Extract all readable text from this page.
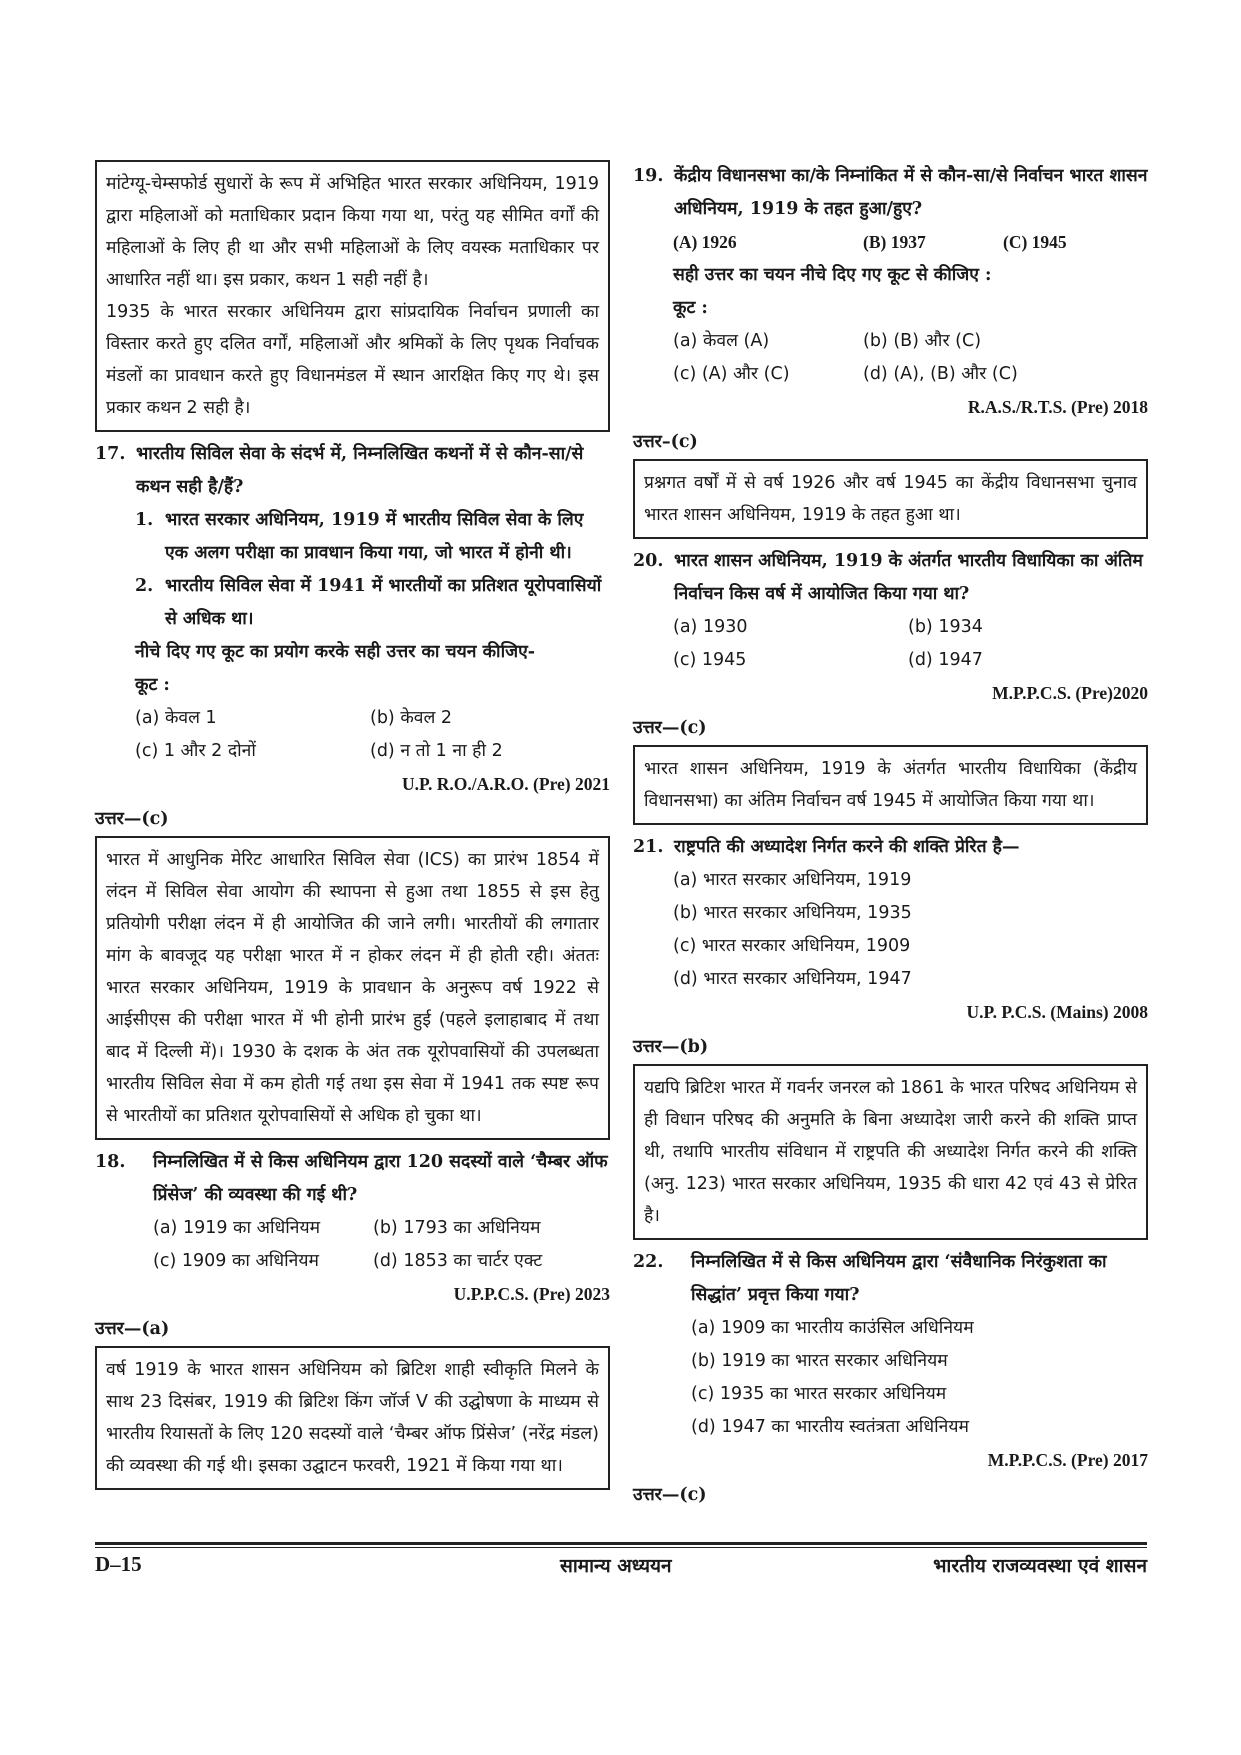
मांटेग्यू-चेम्सफोर्ड सुधारों के रूप में अभिहित भारत सरकार अधिनियम, 1919 द्वारा महिलाओं को मताधिकार प्रदान किया गया था, परंतु यह सीमित वर्गों की महिलाओं के लिए ही था और सभी महिलाओं के लिए वयस्क मताधिकार पर आधारित नहीं था। इस प्रकार, कथन 1 सही नहीं है।

1935 के भारत सरकार अधिनियम द्वारा सांप्रदायिक निर्वाचन प्रणाली का विस्तार करते हुए दलित वर्गों, महिलाओं और श्रमिकों के लिए पृथक निर्वाचक मंडलों का प्रावधान करते हुए विधानमंडल में स्थान आरक्षित किए गए थे। इस प्रकार कथन 2 सही है।

17. भारतीय सिविल सेवा के संदर्भ में, निम्नलिखित कथनों में से कौन-सा/से कथन सही है/हैं?
1. भारत सरकार अधिनियम, 1919 में भारतीय सिविल सेवा के लिए एक अलग परीक्षा का प्रावधान किया गया, जो भारत में होनी थी।
2. भारतीय सिविल सेवा में 1941 में भारतीयों का प्रतिशत यूरोपवासियों से अधिक था।
नीचे दिए गए कूट का प्रयोग करके सही उत्तर का चयन कीजिए-
कूट :
(a) केवल 1	(b) केवल 2
(c) 1 और 2 दोनों	(d) न तो 1 ना ही 2
U.P. R.O./A.R.O. (Pre) 2021
उत्तर—(c)

भारत में आधुनिक मेरिट आधारित सिविल सेवा (ICS) का प्रारंभ 1854 में लंदन में सिविल सेवा आयोग की स्थापना से हुआ तथा 1855 से इस हेतु प्रतियोगी परीक्षा लंदन में ही आयोजित की जाने लगी। भारतीयों की लगातार मांग के बावजूद यह परीक्षा भारत में न होकर लंदन में ही होती रही। अंततः भारत सरकार अधिनियम, 1919 के प्रावधान के अनुरूप वर्ष 1922 से आईसीएस की परीक्षा भारत में भी होनी प्रारंभ हुई (पहले इलाहाबाद में तथा बाद में दिल्ली में)। 1930 के दशक के अंत तक यूरोपवासियों की उपलब्धता भारतीय सिविल सेवा में कम होती गई तथा इस सेवा में 1941 तक स्पष्ट रूप से भारतीयों का प्रतिशत यूरोपवासियों से अधिक हो चुका था।

18. निम्नलिखित में से किस अधिनियम द्वारा 120 सदस्यों वाले ‘चैम्बर ऑफ प्रिंसेज’ की व्यवस्था की गई थी?
(a) 1919 का अधिनियम	(b) 1793 का अधिनियम
(c) 1909 का अधिनियम	(d) 1853 का चार्टर एक्ट
U.P.P.C.S. (Pre) 2023
उत्तर—(a)

वर्ष 1919 के भारत शासन अधिनियम को ब्रिटिश शाही स्वीकृति मिलने के साथ 23 दिसंबर, 1919 की ब्रिटिश किंग जॉर्ज V की उद्घोषणा के माध्यम से भारतीय रियासतों के लिए 120 सदस्यों वाले ‘चैम्बर ऑफ प्रिंसेज’ (नरेंद्र मंडल) की व्यवस्था की गई थी। इसका उद्घाटन फरवरी, 1921 में किया गया था।

19. केंद्रीय विधानसभा का/के निम्नांकित में से कौन-सा/से निर्वाचन भारत शासन अधिनियम, 1919 के तहत हुआ/हुए?
(A) 1926	(B) 1937	(C) 1945
सही उत्तर का चयन नीचे दिए गए कूट से कीजिए :
कूट :
(a) केवल (A)	(b) (B) और (C)
(c) (A) और (C)	(d) (A), (B) और (C)
R.A.S./R.T.S. (Pre) 2018
उत्तर–(c)

प्रश्नगत वर्षों में से वर्ष 1926 और वर्ष 1945 का केंद्रीय विधानसभा चुनाव भारत शासन अधिनियम, 1919 के तहत हुआ था।

20. भारत शासन अधिनियम, 1919 के अंतर्गत भारतीय विधायिका का अंतिम निर्वाचन किस वर्ष में आयोजित किया गया था?
(a) 1930	(b) 1934
(c) 1945	(d) 1947
M.P.P.C.S. (Pre)2020
उत्तर—(c)

भारत शासन अधिनियम, 1919 के अंतर्गत भारतीय विधायिका (केंद्रीय विधानसभा) का अंतिम निर्वाचन वर्ष 1945 में आयोजित किया गया था।

21. राष्ट्रपति की अध्यादेश निर्गत करने की शक्ति प्रेरित है—
(a) भारत सरकार अधिनियम, 1919
(b) भारत सरकार अधिनियम, 1935
(c) भारत सरकार अधिनियम, 1909
(d) भारत सरकार अधिनियम, 1947
U.P. P.C.S. (Mains) 2008
उत्तर—(b)

यद्यपि ब्रिटिश भारत में गवर्नर जनरल को 1861 के भारत परिषद अधिनियम से ही विधान परिषद की अनुमति के बिना अध्यादेश जारी करने की शक्ति प्राप्त थी, तथापि भारतीय संविधान में राष्ट्रपति की अध्यादेश निर्गत करने की शक्ति (अनु. 123) भारत सरकार अधिनियम, 1935 की धारा 42 एवं 43 से प्रेरित है।

22. निम्नलिखित में से किस अधिनियम द्वारा ‘संवैधानिक निरंकुशता का सिद्धांत’ प्रवृत्त किया गया?
(a) 1909 का भारतीय काउंसिल अधिनियम
(b) 1919 का भारत सरकार अधिनियम
(c) 1935 का भारत सरकार अधिनियम
(d) 1947 का भारतीय स्वतंत्रता अधिनियम
M.P.P.C.S. (Pre) 2017
उत्तर—(c)
D–15	सामान्य अध्ययन	भारतीय राजव्यवस्था एवं शासन
